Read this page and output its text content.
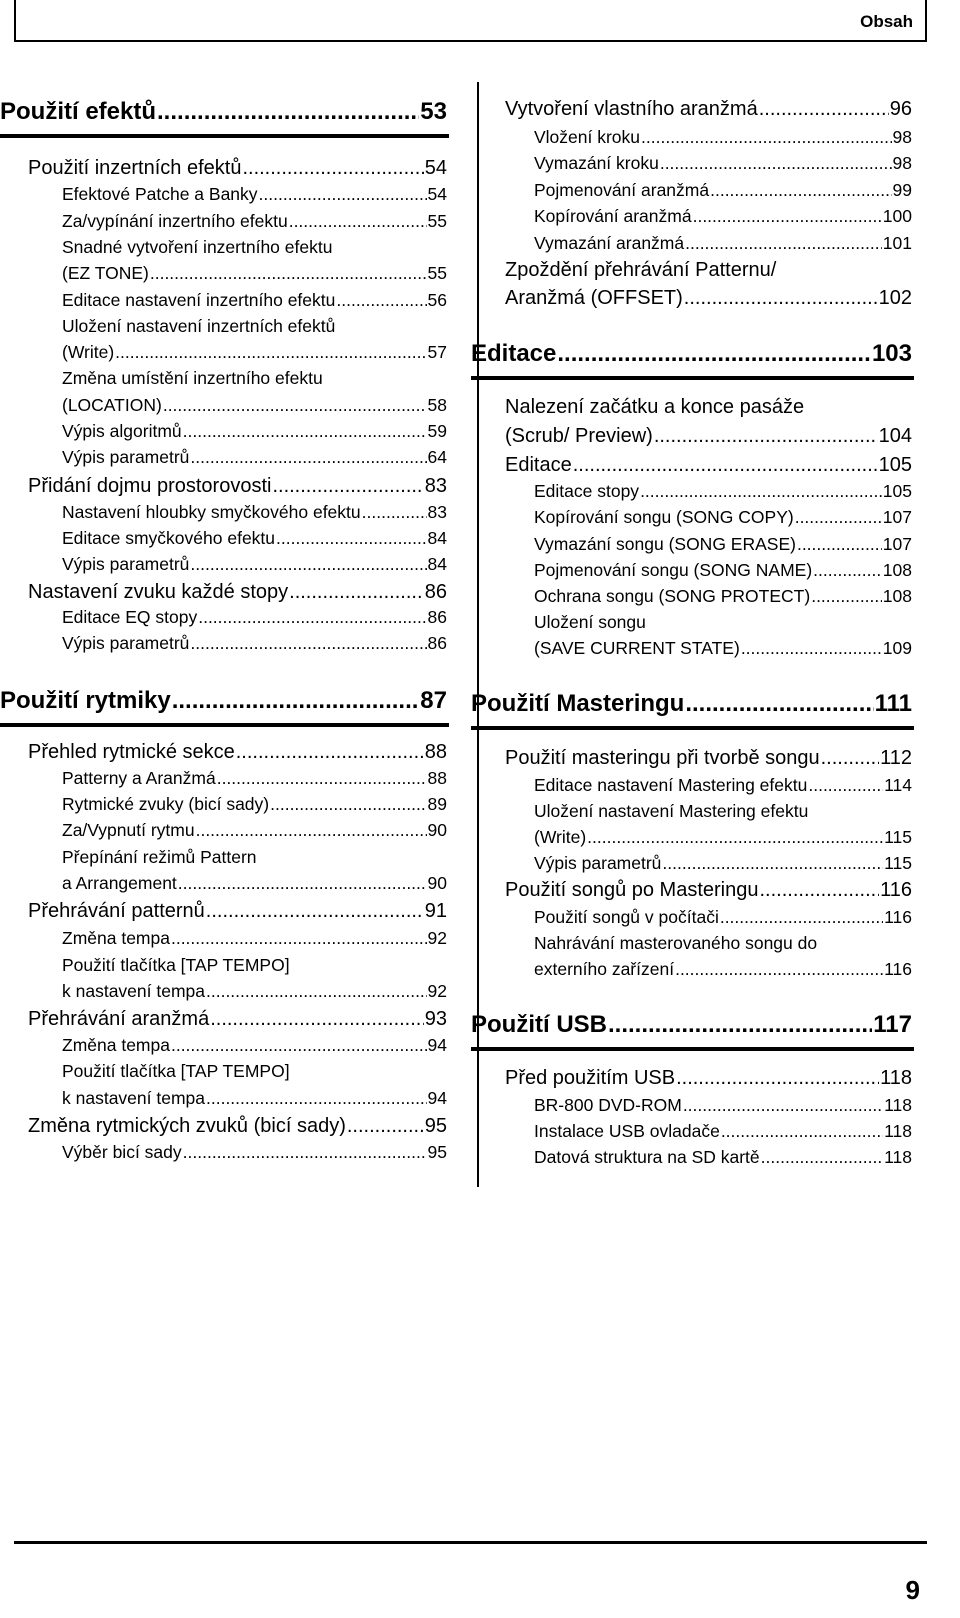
Obsah
Použití efektů .....	53
Použití inzertních efektů .....	54
Efektové Patche a Banky .....	54
Za/vypínání inzertního efektu .....	55
Snadné vytvoření inzertního efektu
(EZ TONE) .....	55
Editace nastavení inzertního efektu .....	56
Uložení nastavení inzertních efektů
(Write) .....	57
Změna umístění inzertního efektu
(LOCATION) .....	58
Výpis algoritmů .....	59
Výpis parametrů .....	64
Přidání dojmu prostorovosti .....	83
Nastavení hloubky smyčkového efektu .....	83
Editace smyčkového efektu .....	84
Výpis parametrů .....	84
Nastavení zvuku každé stopy .....	86
Editace EQ stopy .....	86
Výpis parametrů .....	86
Použití rytmiky .....	87
Přehled rytmické sekce .....	88
Patterny a Aranžmá .....	88
Rytmické zvuky (bicí sady) .....	89
Za/Vypnutí rytmu .....	90
Přepínání režimů Pattern
a Arrangement .....	90
Přehrávání patternů .....	91
Změna tempa .....	92
Použití tlačítka [TAP TEMPO]
k nastavení tempa .....	92
Přehrávání aranžmá .....	93
Změna tempa .....	94
Použití tlačítka [TAP TEMPO]
k nastavení tempa .....	94
Změna rytmických zvuků (bicí sady) .....	95
Výběr bicí sady .....	95
Vytvoření vlastního aranžmá .....	96
Vložení kroku .....	98
Vymazání kroku .....	98
Pojmenování aranžmá .....	99
Kopírování aranžmá .....	100
Vymazání aranžmá .....	101
Zpoždění přehrávání Patternu/
Aranžmá (OFFSET) .....	102
Editace .....	103
Nalezení začátku a konce pasáže
(Scrub/ Preview) .....	104
Editace .....	105
Editace stopy .....	105
Kopírování songu (SONG COPY) .....	107
Vymazání songu (SONG ERASE) .....	107
Pojmenování songu (SONG NAME) .....	108
Ochrana songu (SONG PROTECT) .....	108
Uložení songu
(SAVE CURRENT STATE) .....	109
Použití Masteringu .....	111
Použití masteringu při tvorbě songu .....	112
Editace nastavení Mastering efektu .....	114
Uložení nastavení Mastering efektu
(Write) .....	115
Výpis parametrů .....	115
Použití songů po Masteringu .....	116
Použití songů v počítači .....	116
Nahrávání masterovaného songu do
externího zařízení .....	116
Použití USB .....	117
Před použitím USB .....	118
BR-800 DVD-ROM .....	118
Instalace USB ovladače .....	118
Datová struktura na SD kartě .....	118
9
